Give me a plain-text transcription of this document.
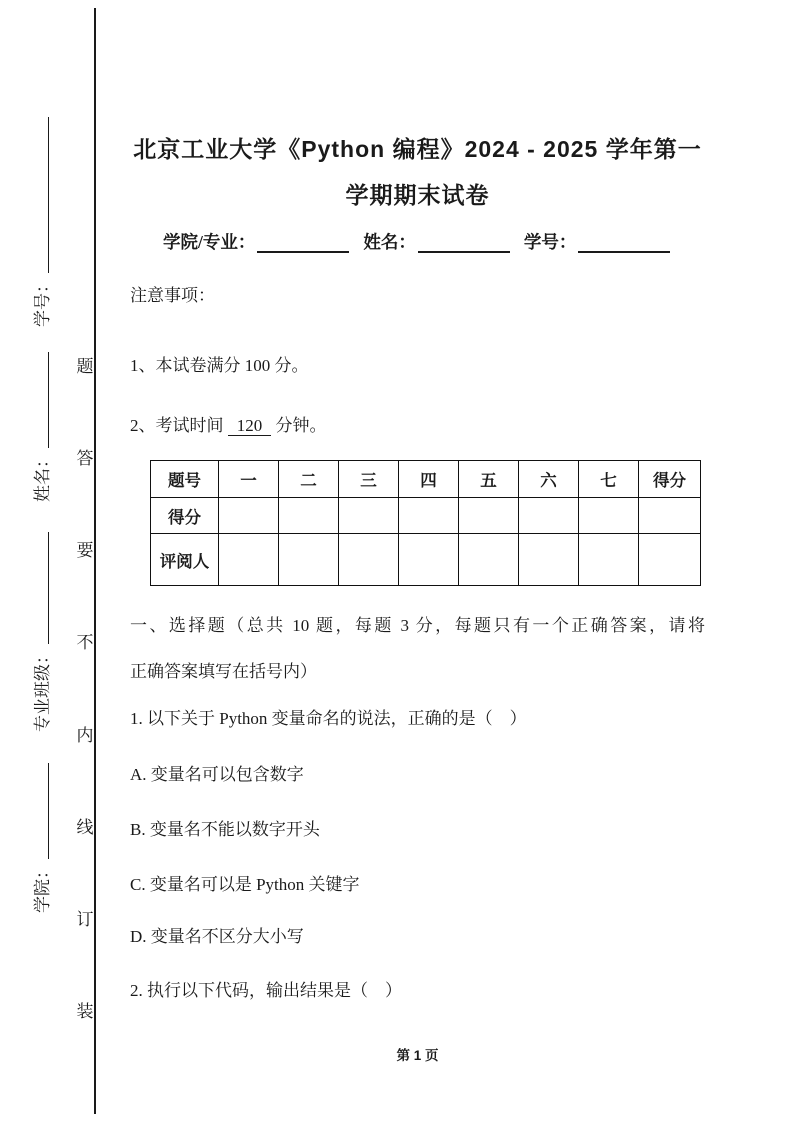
学号：
姓名：
专业班级：
学院：
题
答
要
不
内
线
订
装
北京工业大学《Python 编程》2024 - 2025 学年第一
学期期末试卷
学院/专业：	姓名：	学号：
注意事项：
1、本试卷满分 100 分。
2、考试时间 120 分钟。
题号	一	二	三	四	五	六	七	得分
得分								
评阅人								
一、选择题（总共 10 题，每题 3 分，每题只有一个正确答案，请将
正确答案填写在括号内）
1. 以下关于 Python 变量命名的说法，正确的是（　）
A. 变量名可以包含数字
B. 变量名不能以数字开头
C. 变量名可以是 Python 关键字
D. 变量名不区分大小写
2. 执行以下代码，输出结果是（　）
第 1 页
